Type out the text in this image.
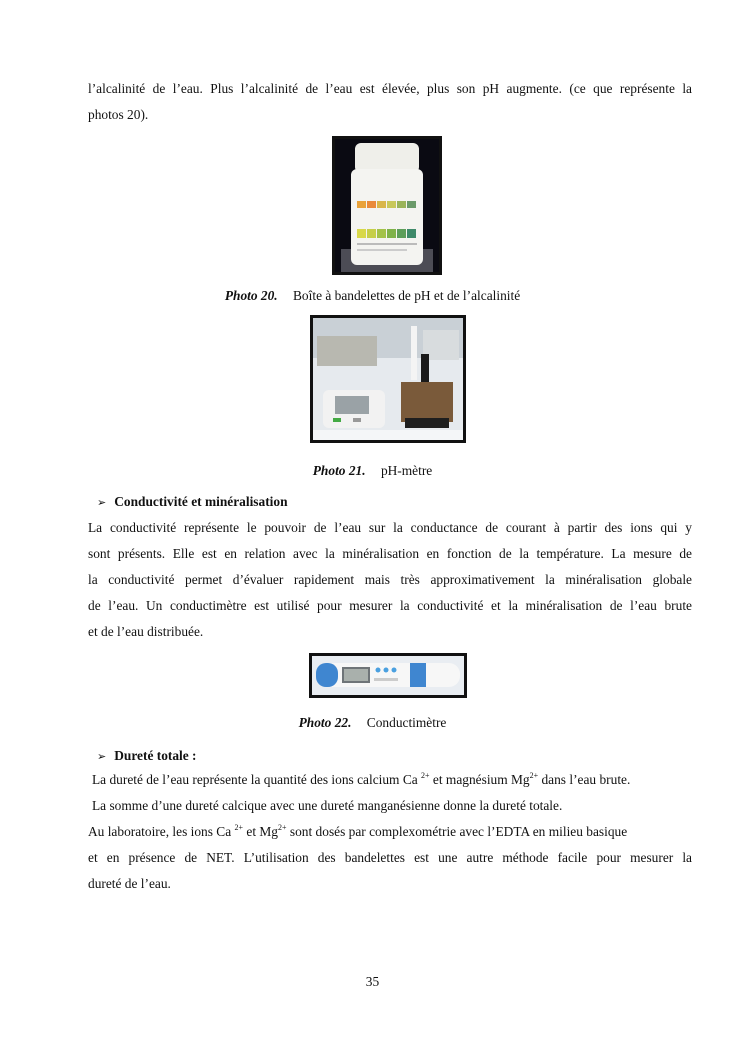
l’alcalinité de l’eau. Plus l’alcalinité de l’eau est élevée, plus son pH augmente. (ce que représente la
photos 20).
Photo 20. Boîte à bandelettes de pH et de l’alcalinité
Photo 21. pH-mètre
➢ Conductivité et minéralisation
La conductivité représente le pouvoir de l’eau sur la conductance de courant à partir des ions qui y
sont présents. Elle est en relation avec la minéralisation en fonction de la température. La mesure de
la conductivité permet d’évaluer rapidement mais très approximativement la minéralisation globale
de l’eau. Un conductimètre est utilisé pour mesurer la conductivité et la minéralisation de l’eau brute
et de l’eau distribuée.
Photo 22. Conductimètre
➢ Dureté totale :
La dureté de l’eau représente la quantité des ions calcium Ca $^{2+}$ et magnésium $Mg^{2+}$ dans l’eau brute.
La somme d’une dureté calcique avec une dureté manganésienne donne la dureté totale.
Au laboratoire, les ions Ca $^{2+}$ et $Mg^{2+}$ sont dosés par complexométrie avec l’EDTA en milieu basique
et en présence de NET. L’utilisation des bandelettes est une autre méthode facile pour mesurer la
dureté de l’eau.
35
